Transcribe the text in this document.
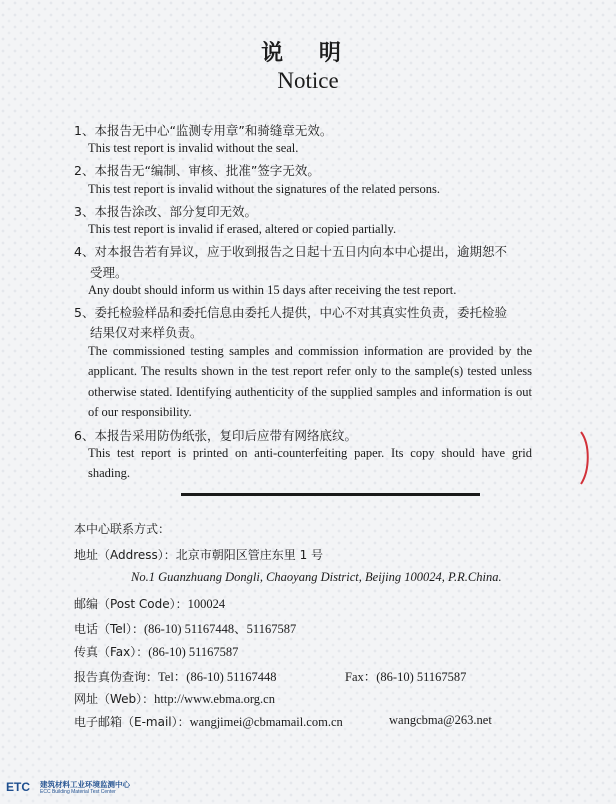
说 明
Notice
1、本报告无中心“监测专用章”和骑缝章无效。
This test report is invalid without the seal.
2、本报告无“编制、审核、批准”签字无效。
This test report is invalid without the signatures of the related persons.
3、本报告涂改、部分复印无效。
This test report is invalid if erased, altered or copied partially.
4、对本报告若有异议，应于收到报告之日起十五日内向本中心提出，逾期恕不
受理。
Any doubt should inform us within 15 days after receiving the test report.
5、委托检验样品和委托信息由委托人提供，中心不对其真实性负责，委托检验
结果仅对来样负责。
The commissioned testing samples and commission information are provided by the applicant. The results shown in the test report refer only to the sample(s) tested unless otherwise stated. Identifying authenticity of the supplied samples and information is out of our responsibility.
6、本报告采用防伪纸张，复印后应带有网络底纹。
This test report is printed on anti-counterfeiting paper. Its copy should have grid shading.
本中心联系方式：
地址（Address）：北京市朝阳区管庄东里 1 号
No.1 Guanzhuang Dongli, Chaoyang District, Beijing 100024, P.R.China.
邮编（Post Code）：100024
电话（Tel）：(86-10) 51167448、51167587
传真（Fax）：(86-10) 51167587
报告真伪查询：Tel：(86-10) 51167448	Fax：(86-10) 51167587
网址（Web）：http://www.ebma.org.cn
电子邮箱（E-mail）：wangjimei@cbmamail.com.cn	wangcbma@263.net
ETC 建筑材料工业环境监测中心
ECC Building Material Test Center
